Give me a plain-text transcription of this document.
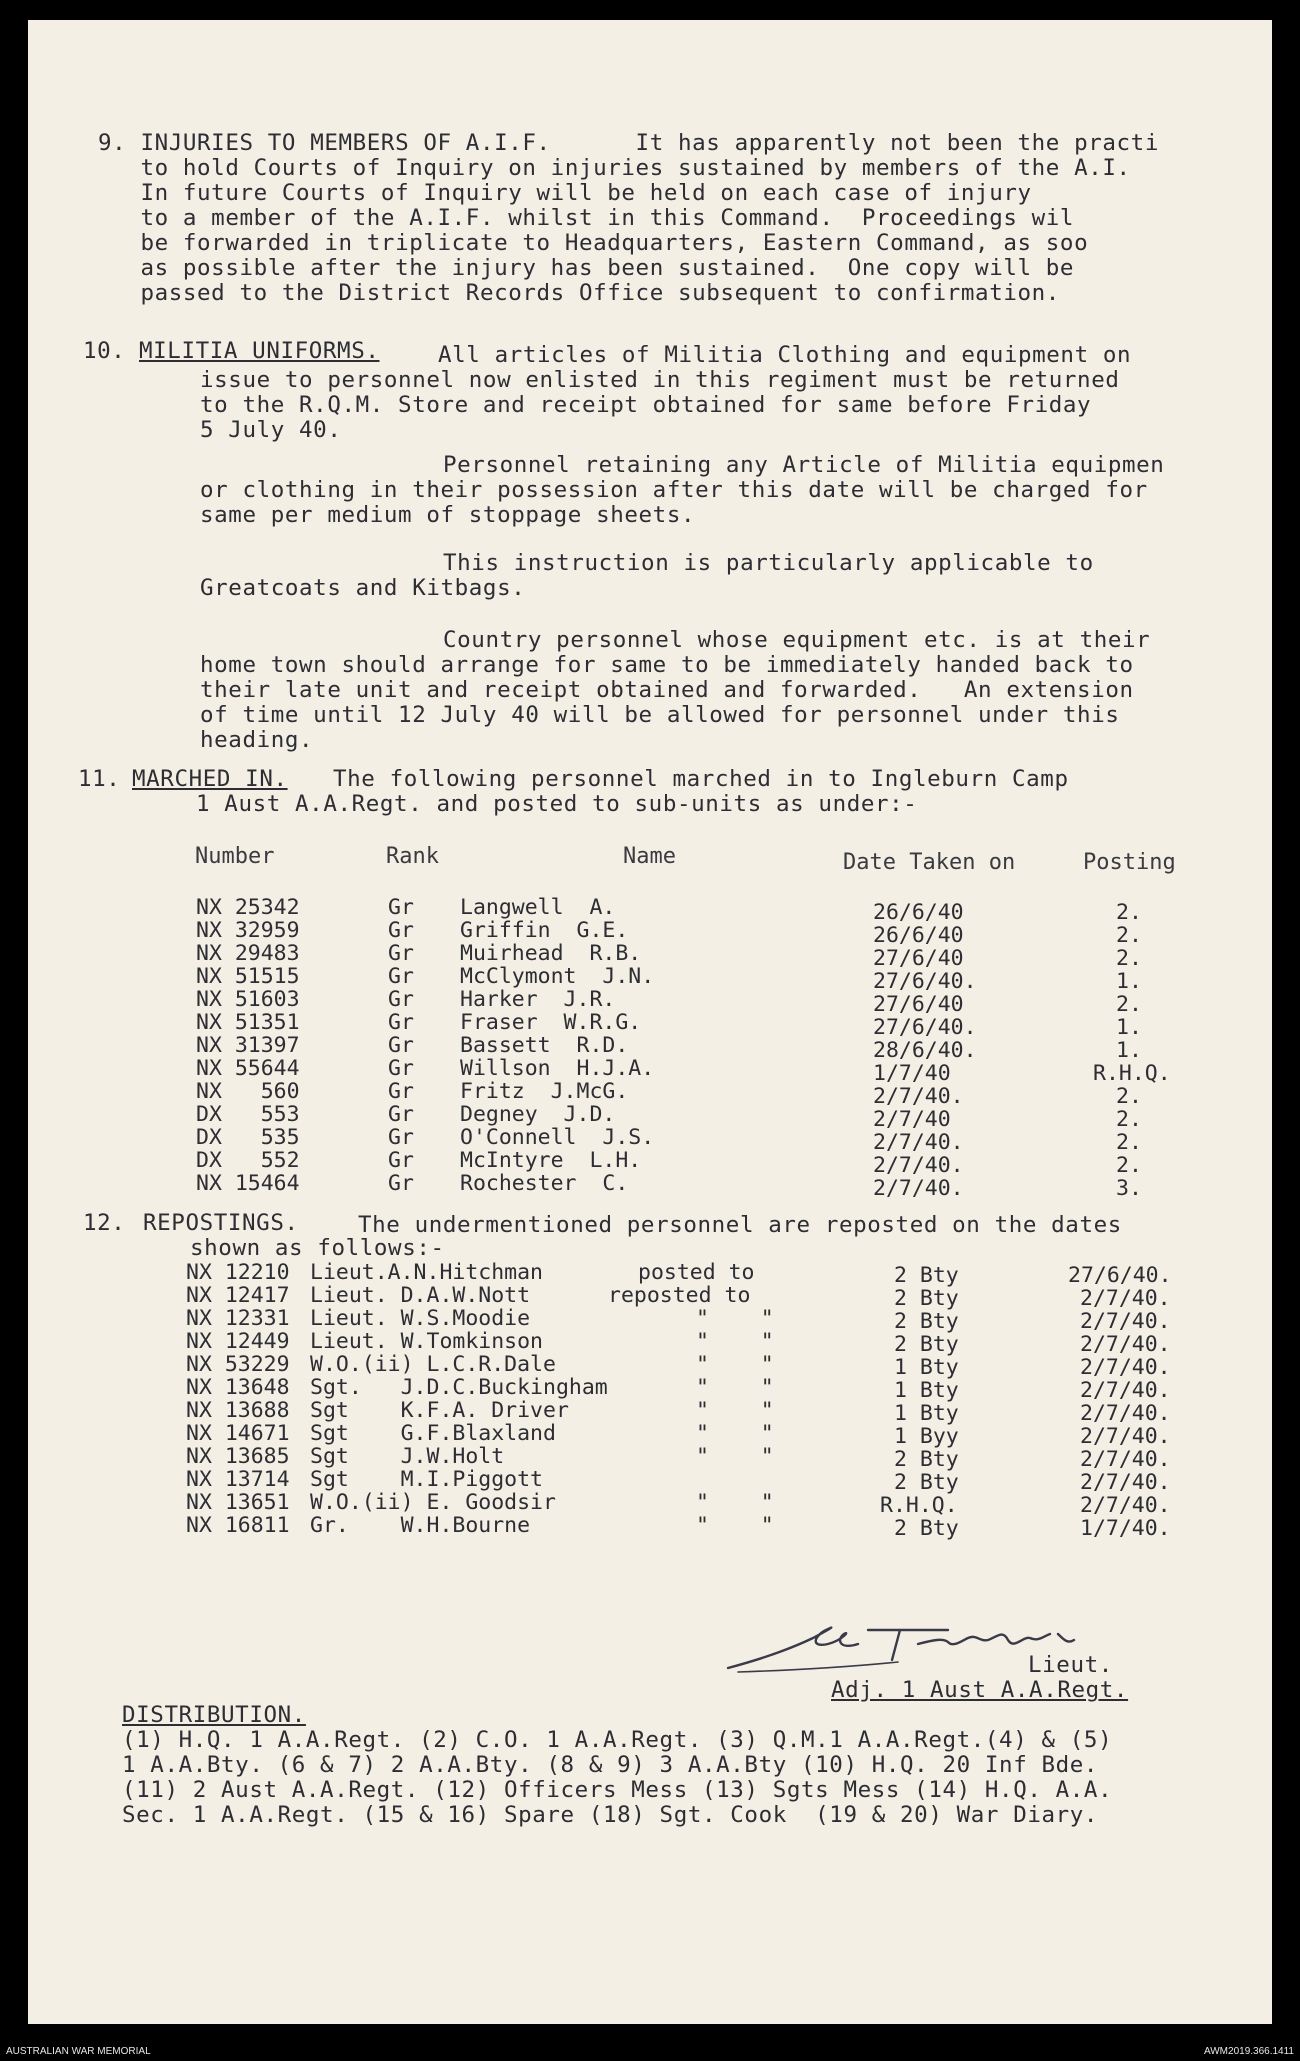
9. INJURIES TO MEMBERS OF A.I.F.      It has apparently not been the practi
to hold Courts of Inquiry on injuries sustained by members of the A.I.
In future Courts of Inquiry will be held on each case of injury
to a member of the A.I.F. whilst in this Command.  Proceedings wil
be forwarded in triplicate to Headquarters, Eastern Command, as soo
as possible after the injury has been sustained.  One copy will be
passed to the District Records Office subsequent to confirmation.
10. MILITIA UNIFORMS.	All articles of Militia Clothing and equipment on
issue to personnel now enlisted in this regiment must be returned
to the R.Q.M. Store and receipt obtained for same before Friday
5 July 40.
Personnel retaining any Article of Militia equipmen
or clothing in their possession after this date will be charged for
same per medium of stoppage sheets.
This instruction is particularly applicable to
Greatcoats and Kitbags.
Country personnel whose equipment etc. is at their
home town should arrange for same to be immediately handed back to
their late unit and receipt obtained and forwarded.   An extension
of time until 12 July 40 will be allowed for personnel under this
heading.
11. MARCHED IN. The following personnel marched in to Ingleburn Camp
1 Aust A.A.Regt. and posted to sub-units as under:-
Number	Rank	Name	Date Taken on	Posting
NX 25342	Gr Langwell  A.	26/6/40	2.
NX 32959	Gr Griffin  G.E.	26/6/40	2.
NX 29483	Gr Muirhead  R.B.	27/6/40	2.
NX 51515	Gr McClymont  J.N.	27/6/40.	1.
NX 51603	Gr Harker  J.R.	27/6/40	2.
NX 51351	Gr Fraser  W.R.G.	27/6/40.	1.
NX 31397	Gr Bassett  R.D.	28/6/40.	1.
NX 55644	Gr Willson  H.J.A.	1/7/40	R.H.Q.
NX   560	Gr Fritz  J.McG.	2/7/40.	2.
DX   553	Gr Degney  J.D.	2/7/40	2.
DX   535	Gr O'Connell  J.S.	2/7/40.	2.
DX   552	Gr McIntyre  L.H.	2/7/40.	2.
NX 15464	Gr Rochester  C.	2/7/40.	3.
12. REPOSTINGS.	The undermentioned personnel are reposted on the dates
shown as follows:-
NX 12210 Lieut.A.N.Hitchman	posted to	2 Bty	27/6/40.
NX 12417 Lieut. D.A.W.Nott	reposted to	2 Bty	2/7/40.
NX 12331 Lieut. W.S.Moodie	"    "	2 Bty	2/7/40.
NX 12449 Lieut. W.Tomkinson	"    "	2 Bty	2/7/40.
NX 53229 W.O.(ii) L.C.R.Dale	"    "	1 Bty	2/7/40.
NX 13648 Sgt.   J.D.C.Buckingham	"    "	1 Bty	2/7/40.
NX 13688 Sgt    K.F.A. Driver	"    "	1 Bty	2/7/40.
NX 14671 Sgt    G.F.Blaxland	"    "	1 Byy	2/7/40.
NX 13685 Sgt    J.W.Holt	"    "	2 Bty	2/7/40.
NX 13714 Sgt    M.I.Piggott	2 Bty	2/7/40.
NX 13651 W.O.(ii) E. Goodsir	"    "	R.H.Q.	2/7/40.
NX 16811 Gr.    W.H.Bourne	"    "	2 Bty	1/7/40.
Lieut.
Adj. 1 Aust A.A.Regt.
DISTRIBUTION.
(1) H.Q. 1 A.A.Regt. (2) C.O. 1 A.A.Regt. (3) Q.M.1 A.A.Regt.(4) & (5)
1 A.A.Bty. (6 & 7) 2 A.A.Bty. (8 & 9) 3 A.A.Bty (10) H.Q. 20 Inf Bde.
(11) 2 Aust A.A.Regt. (12) Officers Mess (13) Sgts Mess (14) H.Q. A.A.
Sec. 1 A.A.Regt. (15 & 16) Spare (18) Sgt. Cook  (19 & 20) War Diary.
AUSTRALIAN WAR MEMORIAL	AWM2019.366.1411
